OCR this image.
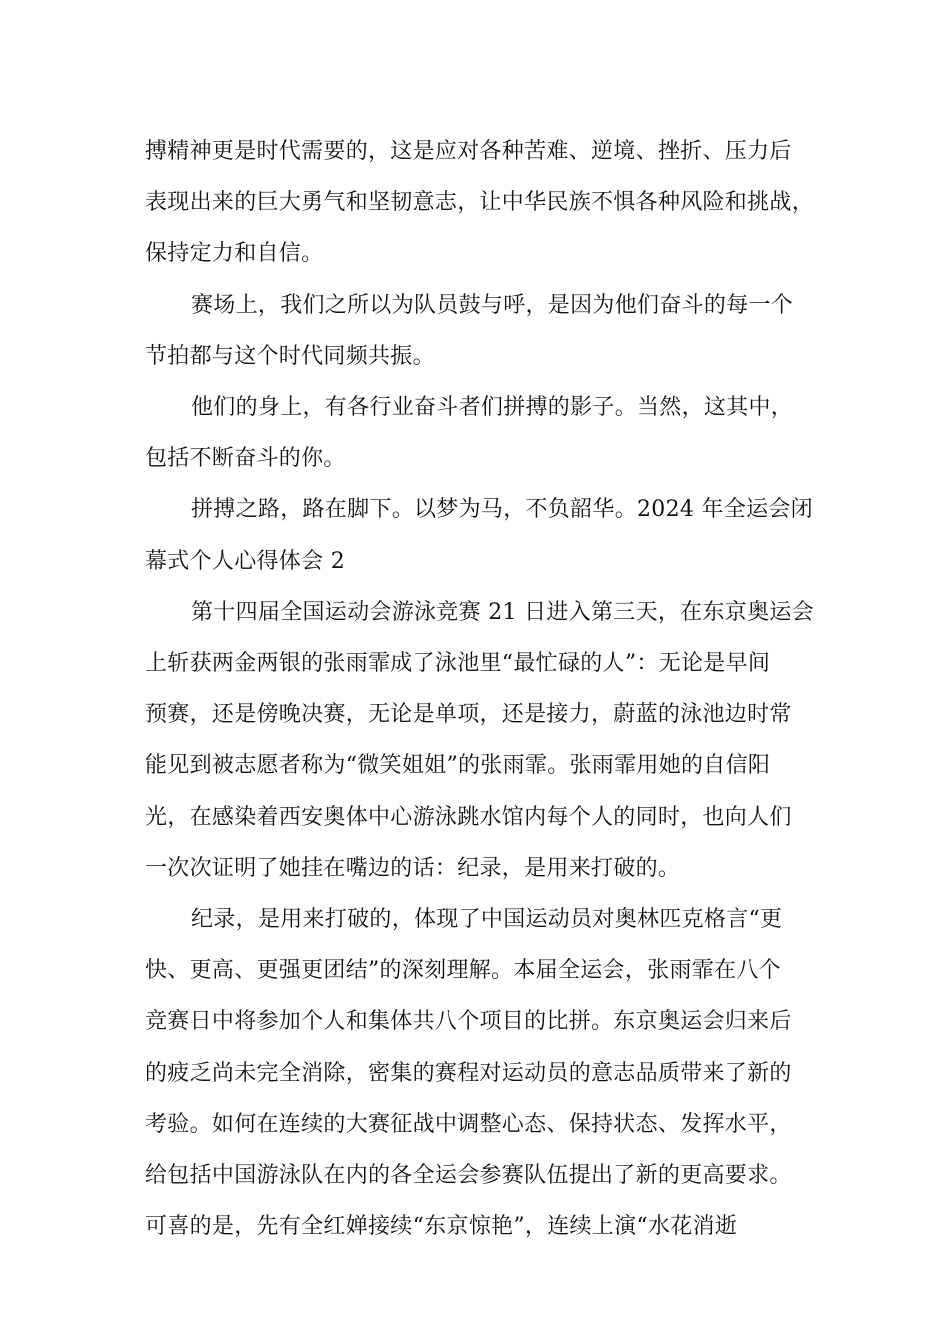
搏精神更是时代需要的，这是应对各种苦难、逆境、挫折、压力后
表现出来的巨大勇气和坚韧意志，让中华民族不惧各种风险和挑战，
保持定力和自信。
赛场上，我们之所以为队员鼓与呼，是因为他们奋斗的每一个
节拍都与这个时代同频共振。
他们的身上，有各行业奋斗者们拼搏的影子。当然，这其中，
包括不断奋斗的你。
拼搏之路，路在脚下。以梦为马，不负韶华。2024 年全运会闭
幕式个人心得体会 2
第十四届全国运动会游泳竞赛 21 日进入第三天，在东京奥运会
上斩获两金两银的张雨霏成了泳池里“最忙碌的人”：无论是早间
预赛，还是傍晚决赛，无论是单项，还是接力，蔚蓝的泳池边时常
能见到被志愿者称为“微笑姐姐”的张雨霏。张雨霏用她的自信阳
光，在感染着西安奥体中心游泳跳水馆内每个人的同时，也向人们
一次次证明了她挂在嘴边的话：纪录，是用来打破的。
纪录，是用来打破的，体现了中国运动员对奥林匹克格言“更
快、更高、更强更团结”的深刻理解。本届全运会，张雨霏在八个
竞赛日中将参加个人和集体共八个项目的比拼。东京奥运会归来后
的疲乏尚未完全消除，密集的赛程对运动员的意志品质带来了新的
考验。如何在连续的大赛征战中调整心态、保持状态、发挥水平，
给包括中国游泳队在内的各全运会参赛队伍提出了新的更高要求。
可喜的是，先有全红婵接续“东京惊艳”，连续上演“水花消逝
